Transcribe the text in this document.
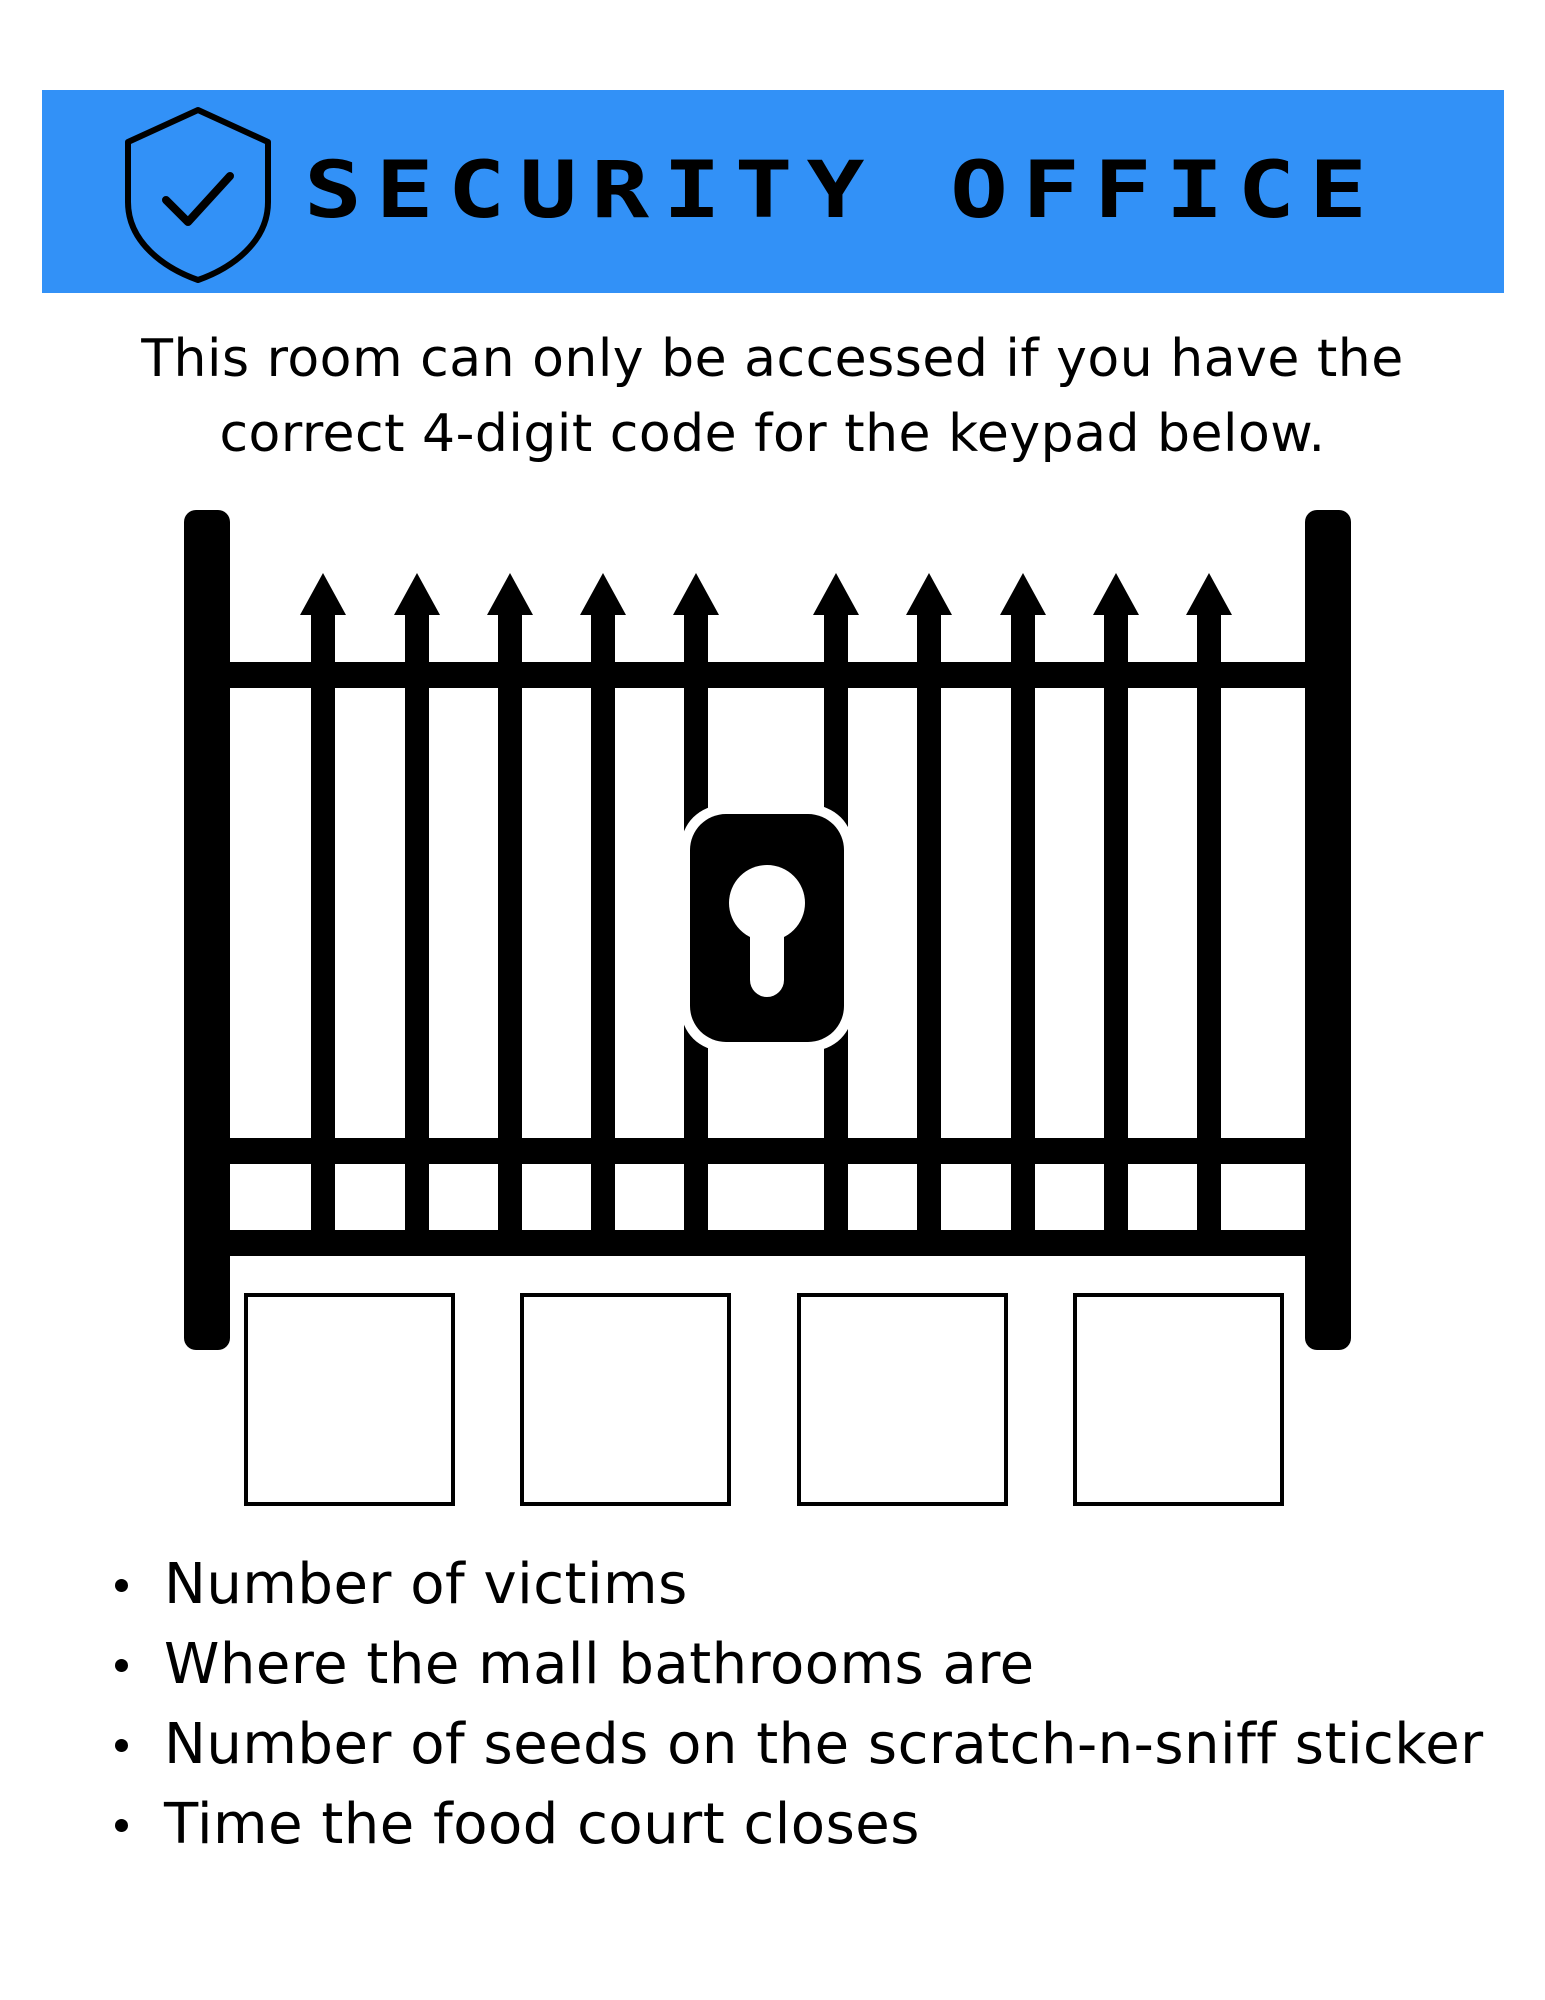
SECURITY OFFICE
This room can only be accessed if you have the
correct 4-digit code for the keypad below.
Number of victims
Where the mall bathrooms are
Number of seeds on the scratch-n-sniff sticker
Time the food court closes
